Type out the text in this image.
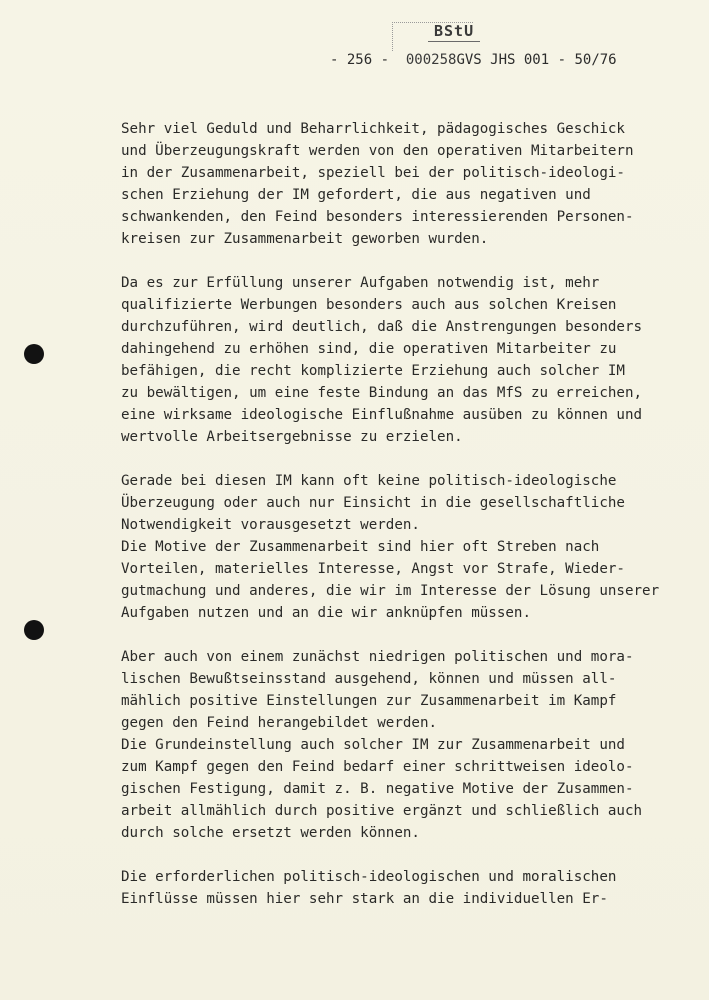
BStU
- 256 - 000258GVS JHS 001 - 50/76
Sehr viel Geduld und Beharrlichkeit, pädagogisches Geschick
und Überzeugungskraft werden von den operativen Mitarbeitern
in der Zusammenarbeit, speziell bei der politisch-ideologi-
schen Erziehung der IM gefordert, die aus negativen und
schwankenden, den Feind besonders interessierenden Personen-
kreisen zur Zusammenarbeit geworben wurden.
Da es zur Erfüllung unserer Aufgaben notwendig ist, mehr
qualifizierte Werbungen besonders auch aus solchen Kreisen
durchzuführen, wird deutlich, daß die Anstrengungen besonders
dahingehend zu erhöhen sind, die operativen Mitarbeiter zu
befähigen, die recht komplizierte Erziehung auch solcher IM
zu bewältigen, um eine feste Bindung an das MfS zu erreichen,
eine wirksame ideologische Einflußnahme ausüben zu können und
wertvolle Arbeitsergebnisse zu erzielen.
Gerade bei diesen IM kann oft keine politisch-ideologische
Überzeugung oder auch nur Einsicht in die gesellschaftliche
Notwendigkeit vorausgesetzt werden.
Die Motive der Zusammenarbeit sind hier oft Streben nach
Vorteilen, materielles Interesse, Angst vor Strafe, Wieder-
gutmachung und anderes, die wir im Interesse der Lösung unserer
Aufgaben nutzen und an die wir anknüpfen müssen.
Aber auch von einem zunächst niedrigen politischen und mora-
lischen Bewußtseinsstand ausgehend, können und müssen all-
mählich positive Einstellungen zur Zusammenarbeit im Kampf
gegen den Feind herangebildet werden.
Die Grundeinstellung auch solcher IM zur Zusammenarbeit und
zum Kampf gegen den Feind bedarf einer schrittweisen ideolo-
gischen Festigung, damit z. B. negative Motive der Zusammen-
arbeit allmählich durch positive ergänzt und schließlich auch
durch solche ersetzt werden können.
Die erforderlichen politisch-ideologischen und moralischen
Einflüsse müssen hier sehr stark an die individuellen Er-
